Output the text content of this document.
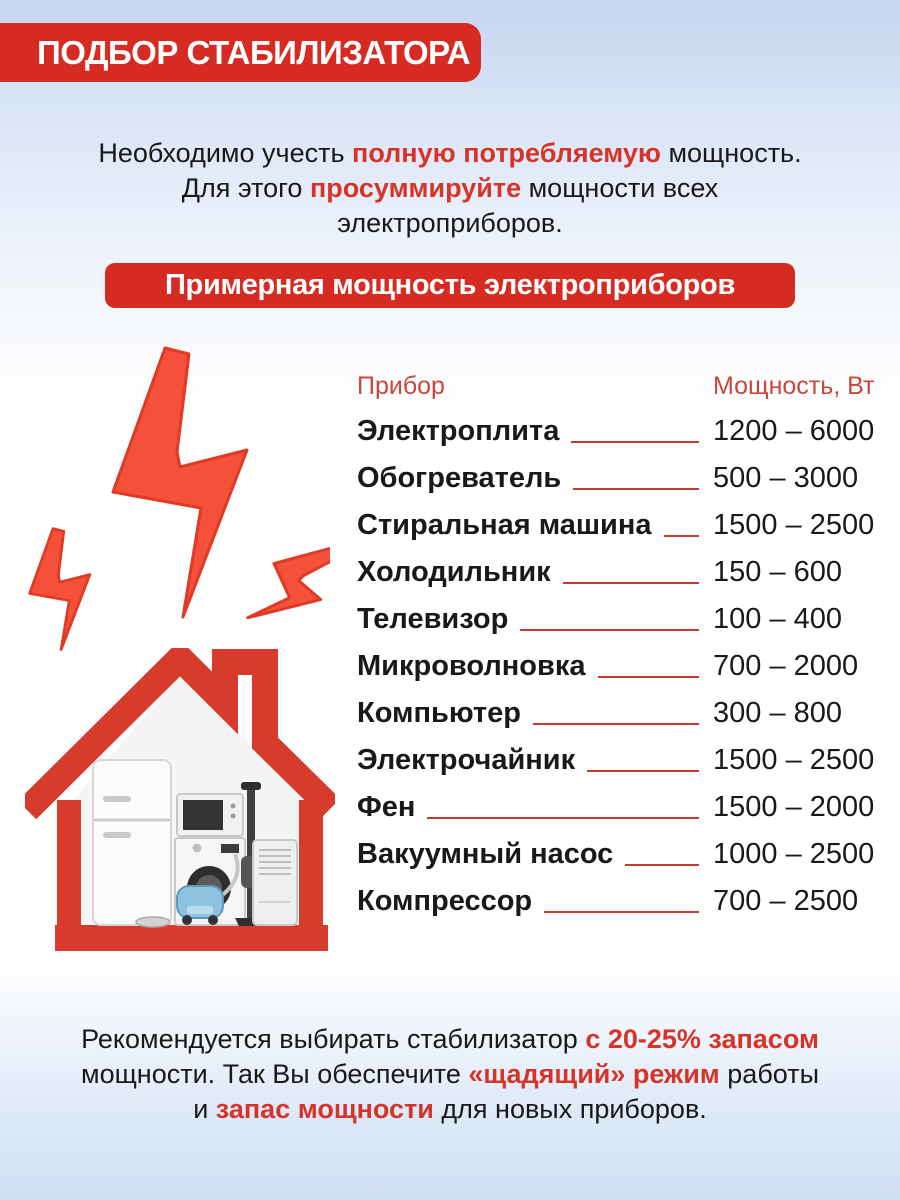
ПОДБОР СТАБИЛИЗАТОРА
Необходимо учесть полную потребляемую мощность.
Для этого просуммируйте мощности всех
электроприборов.
Примерная мощность электроприборов
Прибор	Мощность, Вт
Электроплита	1200 – 6000
Обогреватель	500 – 3000
Стиральная машина 1500 – 2500
Холодильник	150 – 600
Телевизор	100 – 400
Микроволновка	700 – 2000
Компьютер	300 – 800
Электрочайник	1500 – 2500
Фен	1500 – 2000
Вакуумный насос	1000 – 2500
Компрессор	700 – 2500
Рекомендуется выбирать стабилизатор с 20-25% запасом
мощности. Так Вы обеспечите «щадящий» режим работы
и запас мощности для новых приборов.
